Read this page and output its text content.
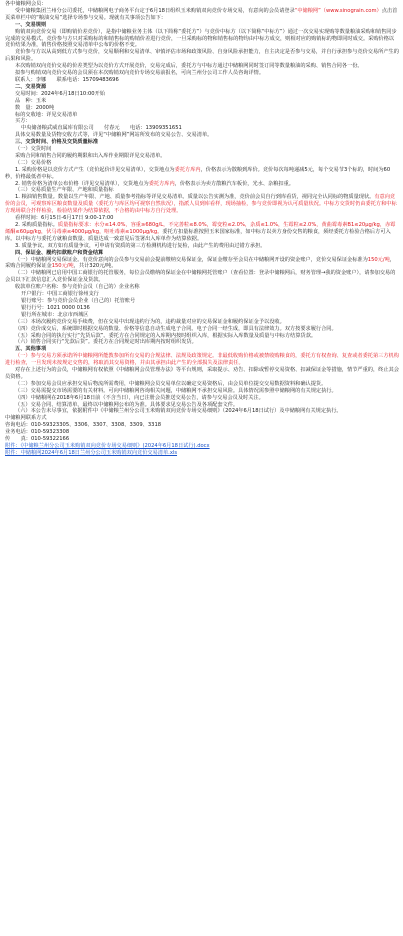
各中储粮网会员：

受中储粮集团兰州分公司委托，中储粮网电子商务平台定于6月18日组织玉米购销双向竞价专场交易，有意向的会员请登录“中储粮网”（www.sinograin.com）点击首页菜单栏中的“粮油交易”选择专场参与交易。现就有关事项公告如下：

一、交易规则

购销双向竞价交易（即购销价差竞价），是指中储粮业务主体（以下简称“委托方”）与竞价中标方（以下简称“中标方”）通过一次交易实现购等数量粮油采购和销售同步完成的交易模式。竞价参与方只对采购标的和销售标的购销价差进行竞价，一旦采购标的物和销售标的物均由中标方成交，则相对应的购销标的物即同时成交。采购价格以竞价结果为准，销售价格按照交易清单中公布的价格不变。

竞价参与方以从高到低方式参与竞价，交易顺利和交易清单、审慎评估市场和政策风险、自身风险承担能力，自主决定是否参与交易，并自行承担参与竞价交易所产生的后果和风险。

本次购销双向竞价交易的价差类型为以竞价方式开展竞价，交易完成后，委托方与中标方通过中储粮网同时签订同等数量粮油的采购、销售合同各一份。

拟参与购销双向竞价交易的会员须在本次购销双向竞价专场交易前报名，可向兰州分公司工作人员咨询详情。

联系人：李娜　　联系电话：15709483696

二、交易资源

交易时间：2024年6月18日10:00开始

品　种：玉米

数　量：2000吨

标的交收地：详见交易清单

买方：

中央储备粮武威直属库有限公司　　付春元　　电话：13909351651

具体交易数量及货物交收方式等，详见“中储粮网”网站所发布的交易公告、交易清单。

三、交货时间、价格及交货质量标准

（一）交货时间

采购合同和销售合同的履约期限和出入库作业期限详见交易清单。

（二）交易价格

1. 采购价格是以竞价方式产生（竞价起价详见交易清单），交货地点为委托方库内，价格表示为散粮到库价。竞价每次每吨递减5元，每个交易节3个标的，时间为60秒，价格最低者中标。

2. 销售价格为清单公布价格（详见交易清单），交货地点为委托方库内，价格表示为卖方散粮汽车板价，光水、杂粮扣重。

（三）交易质量生产年限、产地和质量指标

1. 粮油销售数量。数量以生产年限、产地、质量参考指标等详见交易清单。质量以公告实测为准，竞价前会员自行到库看货，视同完全认同标的物质量现状。有意向竞价的会员，可观察库区粮食数量及质量（委托方与库区均可视察自然状况），指派人员到库看样，现场抽检，参与竞价即视为认可质量状况。中标方交货时仍由委托方和中标方现场联合扦样检验，检验结果作为结算依据，不合格的由中标方自行处理。

看样时间：6月15日-6月17日 9:00-17:00

2. 采购质量指标。质量指标要求：水分≤14.0%，容重≥680g/L，不完善粒≤8.0%，霉变粒≤2.0%，杂质≤1.0%，生霉粒≤2.0%，黄曲霉毒素B1≤20μg/kg，赤霉烯酮≤60μg/kg，伏马毒素≤4000μg/kg，呕吐毒素≤1000μg/kg。委托方扣量标准按照玉米国家标准，如中标方以卖方身份交售的粮食，须经委托方检验合格后方可入库。以中标方与委托方就粮食数量、质量达成一致意见后签署出入库单作为结算依据。

3. 质量争议。双方如有质量争议，可申请有资质的第三方检测机构进行复检，由此产生的费用由过错方承担。

四、保证金、履约扣款账户和资金结算

（一）中储粮网交易保证金。有竞价意向的会员参与交易前会提前缴纳交易保证金，保证金缴存至会员在中储粮网开设的资金账户，竞价交易保证金标准为150元/吨，采购合同履约保证金150元/吨，共计320元/吨。

（二）中储粮网已启用中国工商银行的托管服务，每位会员缴纳的保证金在中储粮网托管账户（查看位置：登录中储粮网后，财务管理→我的资金账户），请参加交易的会员以下汇款信息汇入竞价保证金及货款。

收款单位账户名称：参与竞价会员（自己的）企业名称

开户银行：中国工商银行徐州支行

银行账号：参与竞价会员企业（自己的）托管账号

银行行号：1021 0000 0136

银行所在城市：北京市西城区

（三）本场次履约竞价交易手续费，但在交易中出现违约行为的，违约裁量对应的交易保证金和履约保证金予以没收。

（四）竞价成交后，系统即时根据交易的数量、价格等信息自动生成电子合同。电子合同一经生成，即具有法律效力。双方按要求履行合同。

（五）采购合同的执行实行“先货后款”。委托方在合同规定的入库期内按时组织入库，根据实际入库数量及质量与中标方结算货款。

（六）销售合同实行“先款后货”。委托方在合同规定时出库期内按时组织发货。

五、其他事项

（一）参与交易方须承诺所中储粮网所能教参加所有交易的合规法律、法规及政策规定。非最低收购价格或被禁收购粮食的，委托方有权查询、复查或者委托第三方机构进行检查，一旦发现未按规定交售的，将取消其交易资格，并由其承担由此产生的全部损失及法律责任。

对存在上述行为的会员，中储粮网有权依照《中储粮网会员管理办法》等平台规则，采取提示、劝告、扣除或暂停交易资格、扣减保证金等措施，情节严重的，终止其会员资格。

（二）参加交易会员应承担交易后物流所需费用，中储粮网会员交易单位以确定交易资格后，由会员单位提交交易数据资料和确认提货。

（三）交易需提交市场需要的有关材料。可向中储粮网咨询相关问题，中储粮网不承担交易风险。具体情况需参照中储粮网的有关规定执行。

（四）中储粮网在2018年6月18日前（不含当日），向已注册会员推送交易公告，请参与交易会员及时关注。

（五）交易合同、结算清单，最终以中储粮网公布的为准。具体要求见交易公告及各项配套文件。

（六）本公告未尽事宜，依据附件中《中储粮兰州分公司玉米购销双向竞价专场交易细则》（2024年6月18日试行）及中储粮网有关规定执行。

中储粮网联系方式

咨询电话：010-59323305、3306、3307、3308、3309、3318

业务电话：010-59323308

传　　真：010-59322166

附件：《中储粮兰州分公司玉米购销双向竞价专场交易细则》(2024年6月18日试行).docx
附件：中储粮网2024年6月18日兰州分公司玉米购销双向竞价交易清单.xls
